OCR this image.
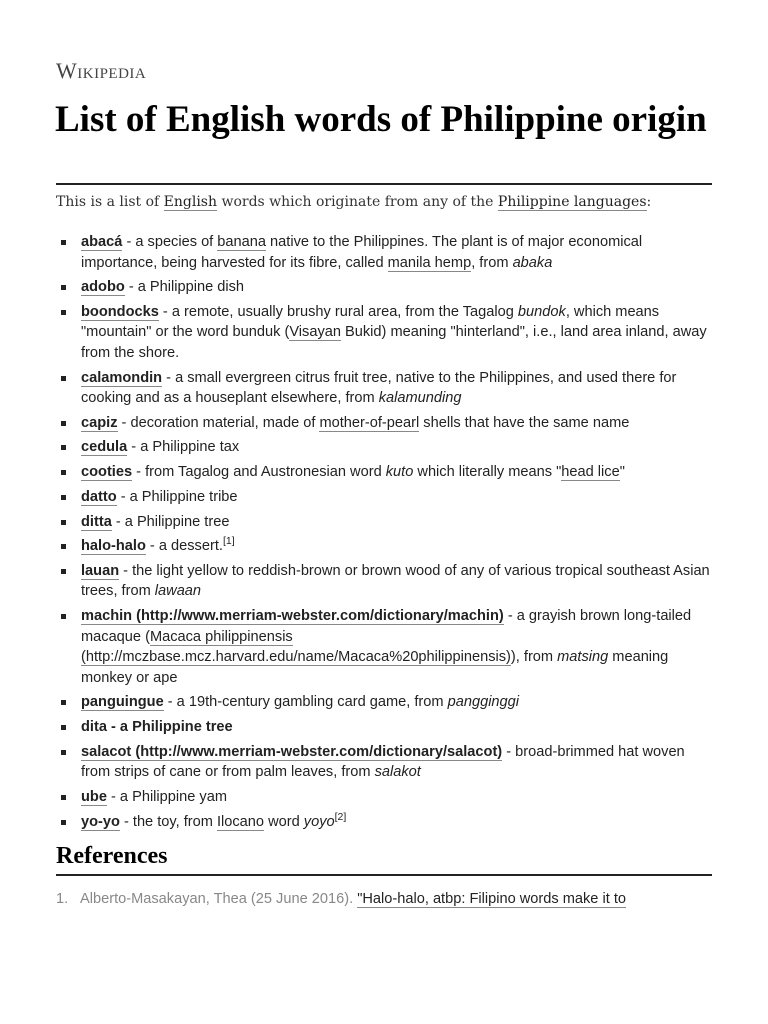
Wikipedia
List of English words of Philippine origin

This is a list of English words which originate from any of the Philippine languages:

abacá - a species of banana native to the Philippines. The plant is of major economical importance, being harvested for its fibre, called manila hemp, from abaka
adobo - a Philippine dish
boondocks - a remote, usually brushy rural area, from the Tagalog bundok, which means "mountain" or the word bunduk (Visayan Bukid) meaning "hinterland", i.e., land area inland, away from the shore.
calamondin - a small evergreen citrus fruit tree, native to the Philippines, and used there for cooking and as a houseplant elsewhere, from kalamunding
capiz - decoration material, made of mother-of-pearl shells that have the same name
cedula - a Philippine tax
cooties - from Tagalog and Austronesian word kuto which literally means "head lice"
datto - a Philippine tribe
ditta - a Philippine tree
halo-halo - a dessert.[1]
lauan - the light yellow to reddish-brown or brown wood of any of various tropical southeast Asian trees, from lawaan
machin (http://www.merriam-webster.com/dictionary/machin) - a grayish brown long-tailed macaque (Macaca philippinensis (http://mczbase.mcz.harvard.edu/name/Macaca%20philippinensis)), from matsing meaning monkey or ape
panguingue - a 19th-century gambling card game, from pangginggi
dita - a Philippine tree
salacot (http://www.merriam-webster.com/dictionary/salacot) - broad-brimmed hat woven from strips of cane or from palm leaves, from salakot
ube - a Philippine yam
yo-yo - the toy, from Ilocano word yoyo[2]
References
1. Alberto-Masakayan, Thea (25 June 2016). "Halo-halo, atbp: Filipino words make it to
